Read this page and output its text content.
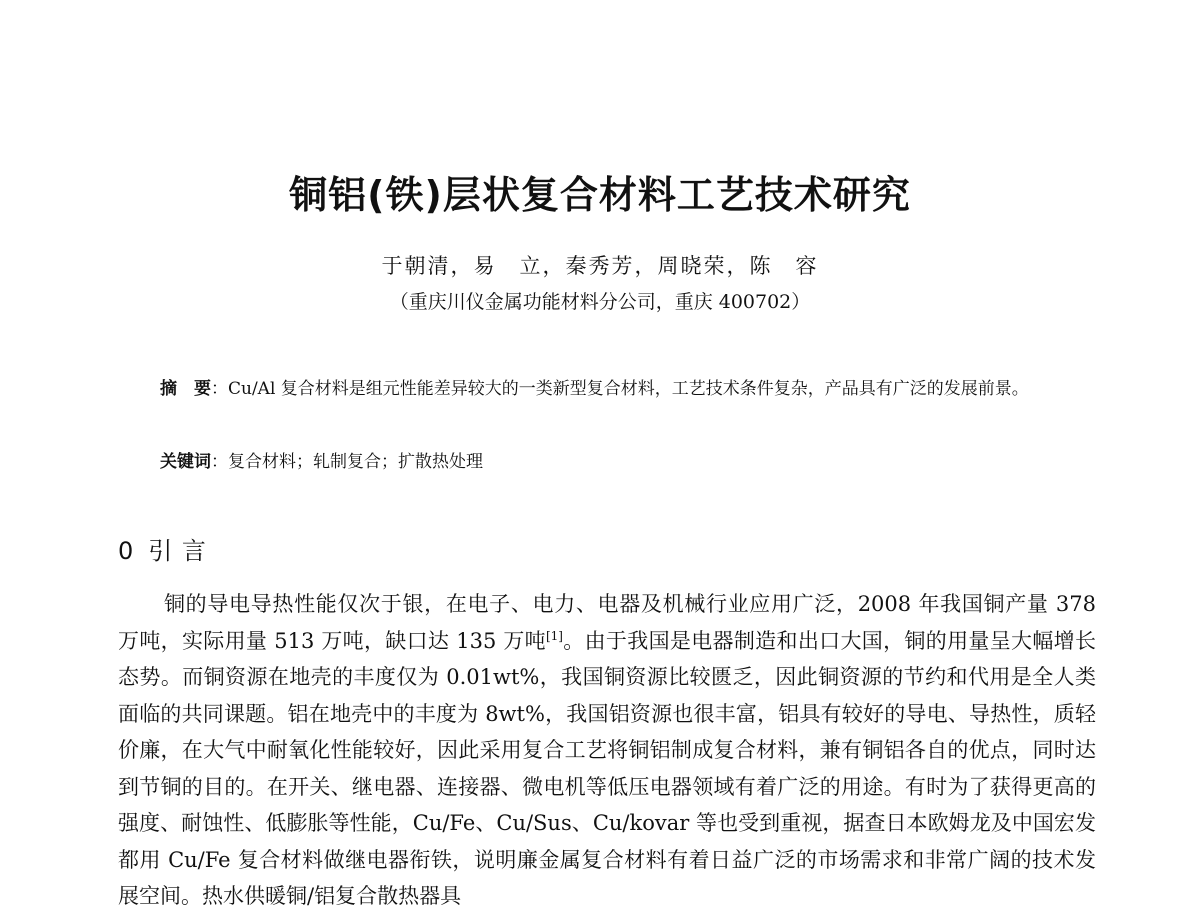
铜铝(铁)层状复合材料工艺技术研究
于朝清，易　立，秦秀芳，周晓荣，陈　容
（重庆川仪金属功能材料分公司，重庆 400702）
摘　要：Cu/Al 复合材料是组元性能差异较大的一类新型复合材料，工艺技术条件复杂，产品具有广泛的发展前景。
关键词：复合材料；轧制复合；扩散热处理
0 引 言
铜的导电导热性能仅次于银，在电子、电力、电器及机械行业应用广泛，2008 年我国铜产量 378 万吨，实际用量 513 万吨，缺口达 135 万吨[1]。由于我国是电器制造和出口大国，铜的用量呈大幅增长态势。而铜资源在地壳的丰度仅为 0.01wt%，我国铜资源比较匮乏，因此铜资源的节约和代用是全人类面临的共同课题。铝在地壳中的丰度为 8wt%，我国铝资源也很丰富，铝具有较好的导电、导热性，质轻价廉，在大气中耐氧化性能较好，因此采用复合工艺将铜铝制成复合材料，兼有铜铝各自的优点，同时达到节铜的目的。在开关、继电器、连接器、微电机等低压电器领域有着广泛的用途。有时为了获得更高的强度、耐蚀性、低膨胀等性能，Cu/Fe、Cu/Sus、Cu/kovar 等也受到重视，据查日本欧姆龙及中国宏发都用 Cu/Fe 复合材料做继电器衔铁，说明廉金属复合材料有着日益广泛的市场需求和非常广阔的技术发展空间。热水供暖铜/铝复合散热器具
